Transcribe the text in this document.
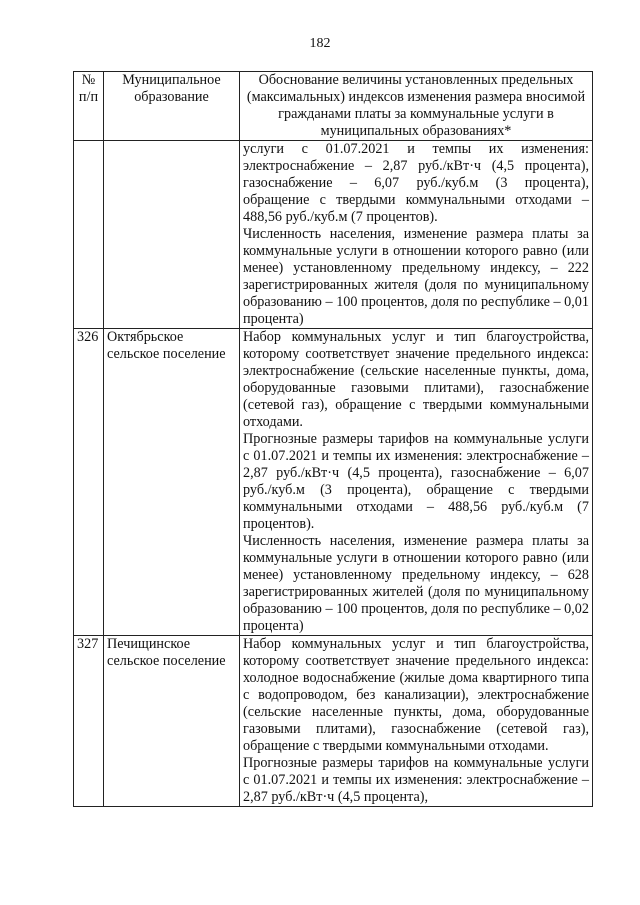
182
№ п/п	Муниципальное образование	Обоснование величины установленных предельных (максимальных) индексов изменения размера вносимой гражданами платы за коммунальные услуги в муниципальных образованиях*

		услуги с 01.07.2021 и темпы их изменения: электроснабжение – 2,87 руб./кВт·ч (4,5 процента), газоснабжение – 6,07 руб./куб.м (3 процента), обращение с твердыми коммунальными отходами – 488,56 руб./куб.м (7 процентов).

Численность населения, изменение размера платы за коммунальные услуги в отношении которого равно (или менее) установленному предельному индексу, – 222 зарегистрированных жителя (доля по муниципальному образованию – 100 процентов, доля по республике – 0,01 процента)

326	Октябрьское сельское поселение	Набор коммунальных услуг и тип благоустройства, которому соответствует значение предельного индекса: электроснабжение (сельские населенные пункты, дома, оборудованные газовыми плитами), газоснабжение (сетевой газ), обращение с твердыми коммунальными отходами.

Прогнозные размеры тарифов на коммунальные услуги с 01.07.2021 и темпы их изменения: электроснабжение – 2,87 руб./кВт·ч (4,5 процента), газоснабжение – 6,07 руб./куб.м (3 процента), обращение с твердыми коммунальными отходами – 488,56 руб./куб.м (7 процентов).

Численность населения, изменение размера платы за коммунальные услуги в отношении которого равно (или менее) установленному предельному индексу, – 628 зарегистрированных жителей (доля по муниципальному образованию – 100 процентов, доля по республике – 0,02 процента)

327	Печищинское сельское поселение	Набор коммунальных услуг и тип благоустройства, которому соответствует значение предельного индекса: холодное водоснабжение (жилые дома квартирного типа с водопроводом, без канализации), электроснабжение (сельские населенные пункты, дома, оборудованные газовыми плитами), газоснабжение (сетевой газ), обращение с твердыми коммунальными отходами.

Прогнозные размеры тарифов на коммунальные услуги с 01.07.2021 и темпы их изменения: электроснабжение – 2,87 руб./кВт·ч (4,5 процента),
